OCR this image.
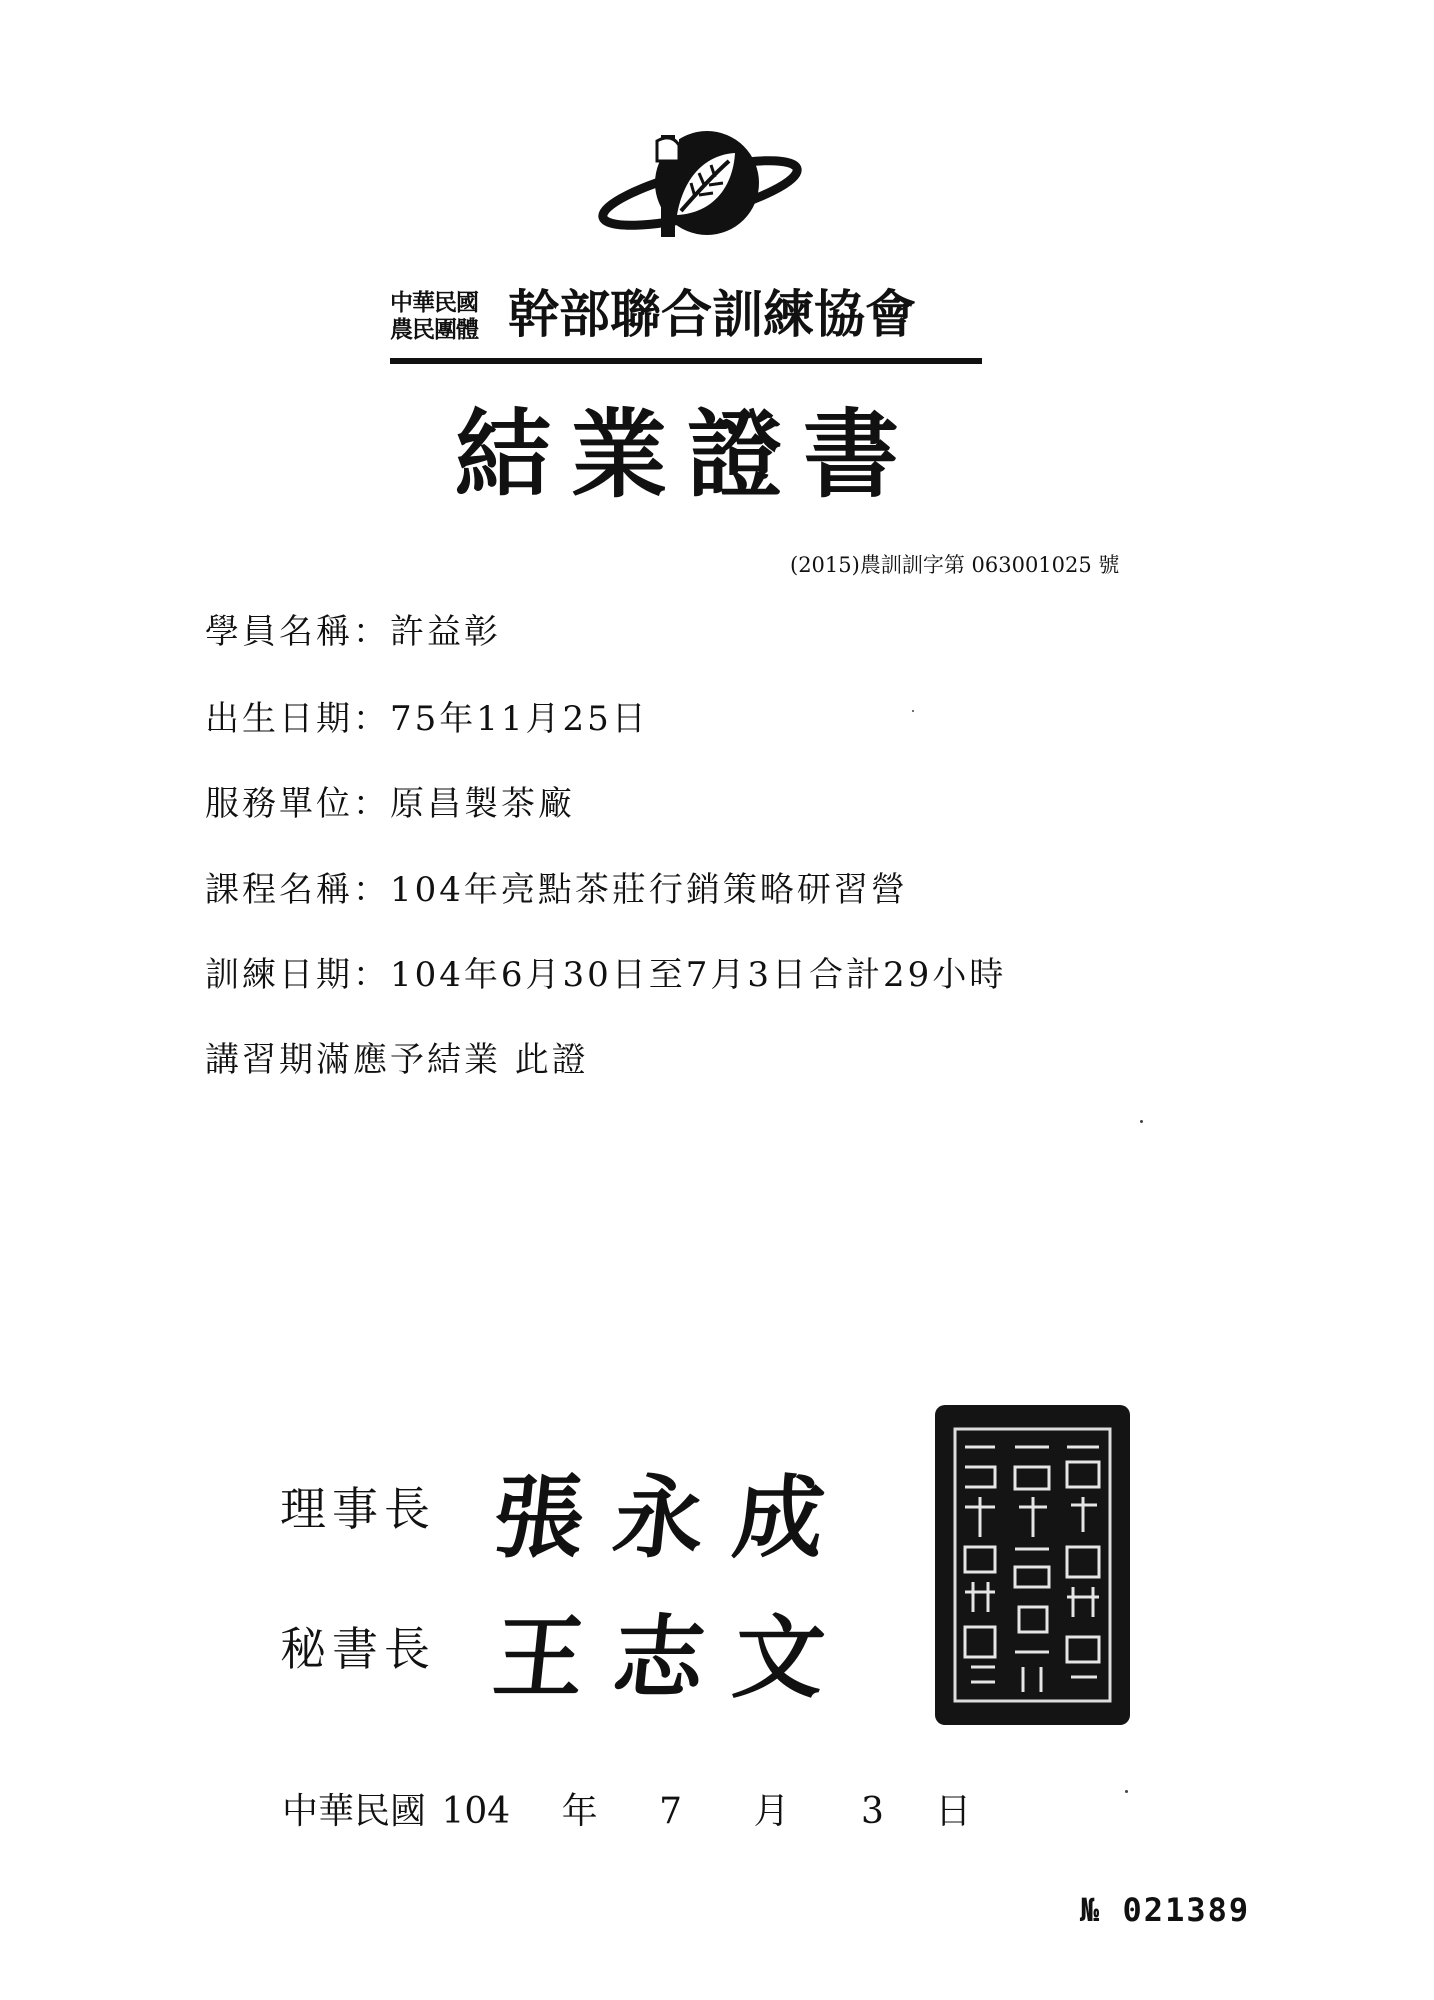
中華民國
農民團體 幹部聯合訓練協會
結業證書
(2015)農訓訓字第 063001025 號
學員名稱：許益彰
出生日期：75年11月25日
服務單位：原昌製茶廠
課程名稱：104年亮點茶莊行銷策略研習營
訓練日期：104年6月30日至7月3日合計29小時
講習期滿應予結業 此證
理事長 張永成
秘書長 王志文
中華民國 104 年 7 月 3 日
№ 021389
